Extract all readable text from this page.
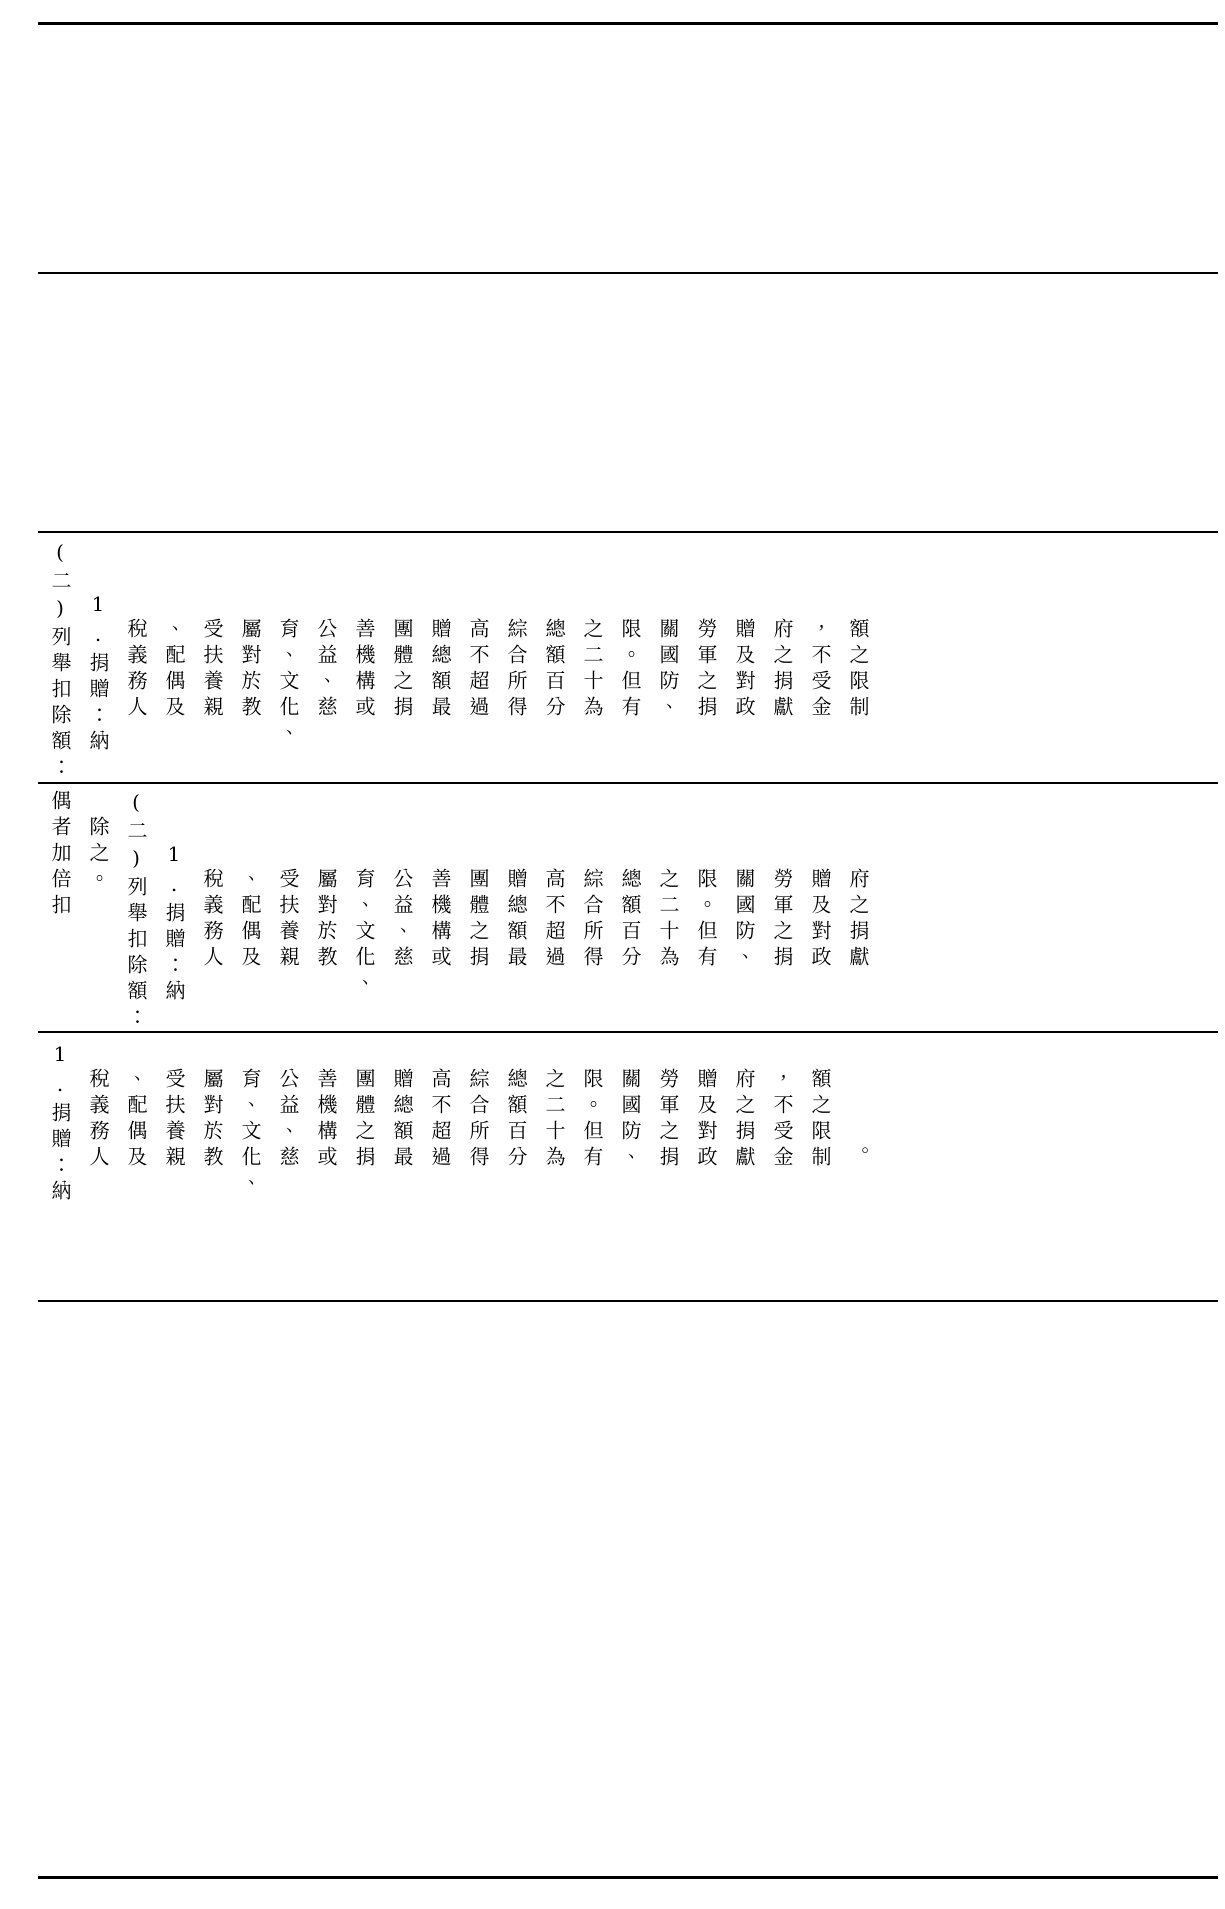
(二)列舉扣除額： 　　1.捐贈：納 　　　稅義務人 　　　、配偶及 　　　受扶養親 　　　屬對於教 　　　育、文化、 　　　公益、慈 　　　善機構或 　　　團體之捐 　　　贈總額最 　　　高不超過 　　　綜合所得 　　　總額百分 　　　之二十為 　　　限。但有 　　　關國防、 　　　勞軍之捐 　　　贈及對政 　　　府之捐獻 　　　，不受金 　　　額之限制
偶者加倍扣 　除之。 (二)列舉扣除額： 　　1.捐贈：納 　　　稅義務人 　　　、配偶及 　　　受扶養親 　　　屬對於教 　　　育、文化、 　　　公益、慈 　　　善機構或 　　　團體之捐 　　　贈總額最 　　　高不超過 　　　綜合所得 　　　總額百分 　　　之二十為 　　　限。但有 　　　關國防、 　　　勞軍之捐 　　　贈及對政 　　　府之捐獻
1.捐贈：納 　稅義務人 　、配偶及 　受扶養親 　屬對於教 　育、文化、 　公益、慈 　善機構或 　團體之捐 　贈總額最 　高不超過 　綜合所得 　總額百分 　之二十為 　限。但有 　關國防、 　勞軍之捐 　贈及對政 　府之捐獻 　，不受金 　額之限制 　　　　。
